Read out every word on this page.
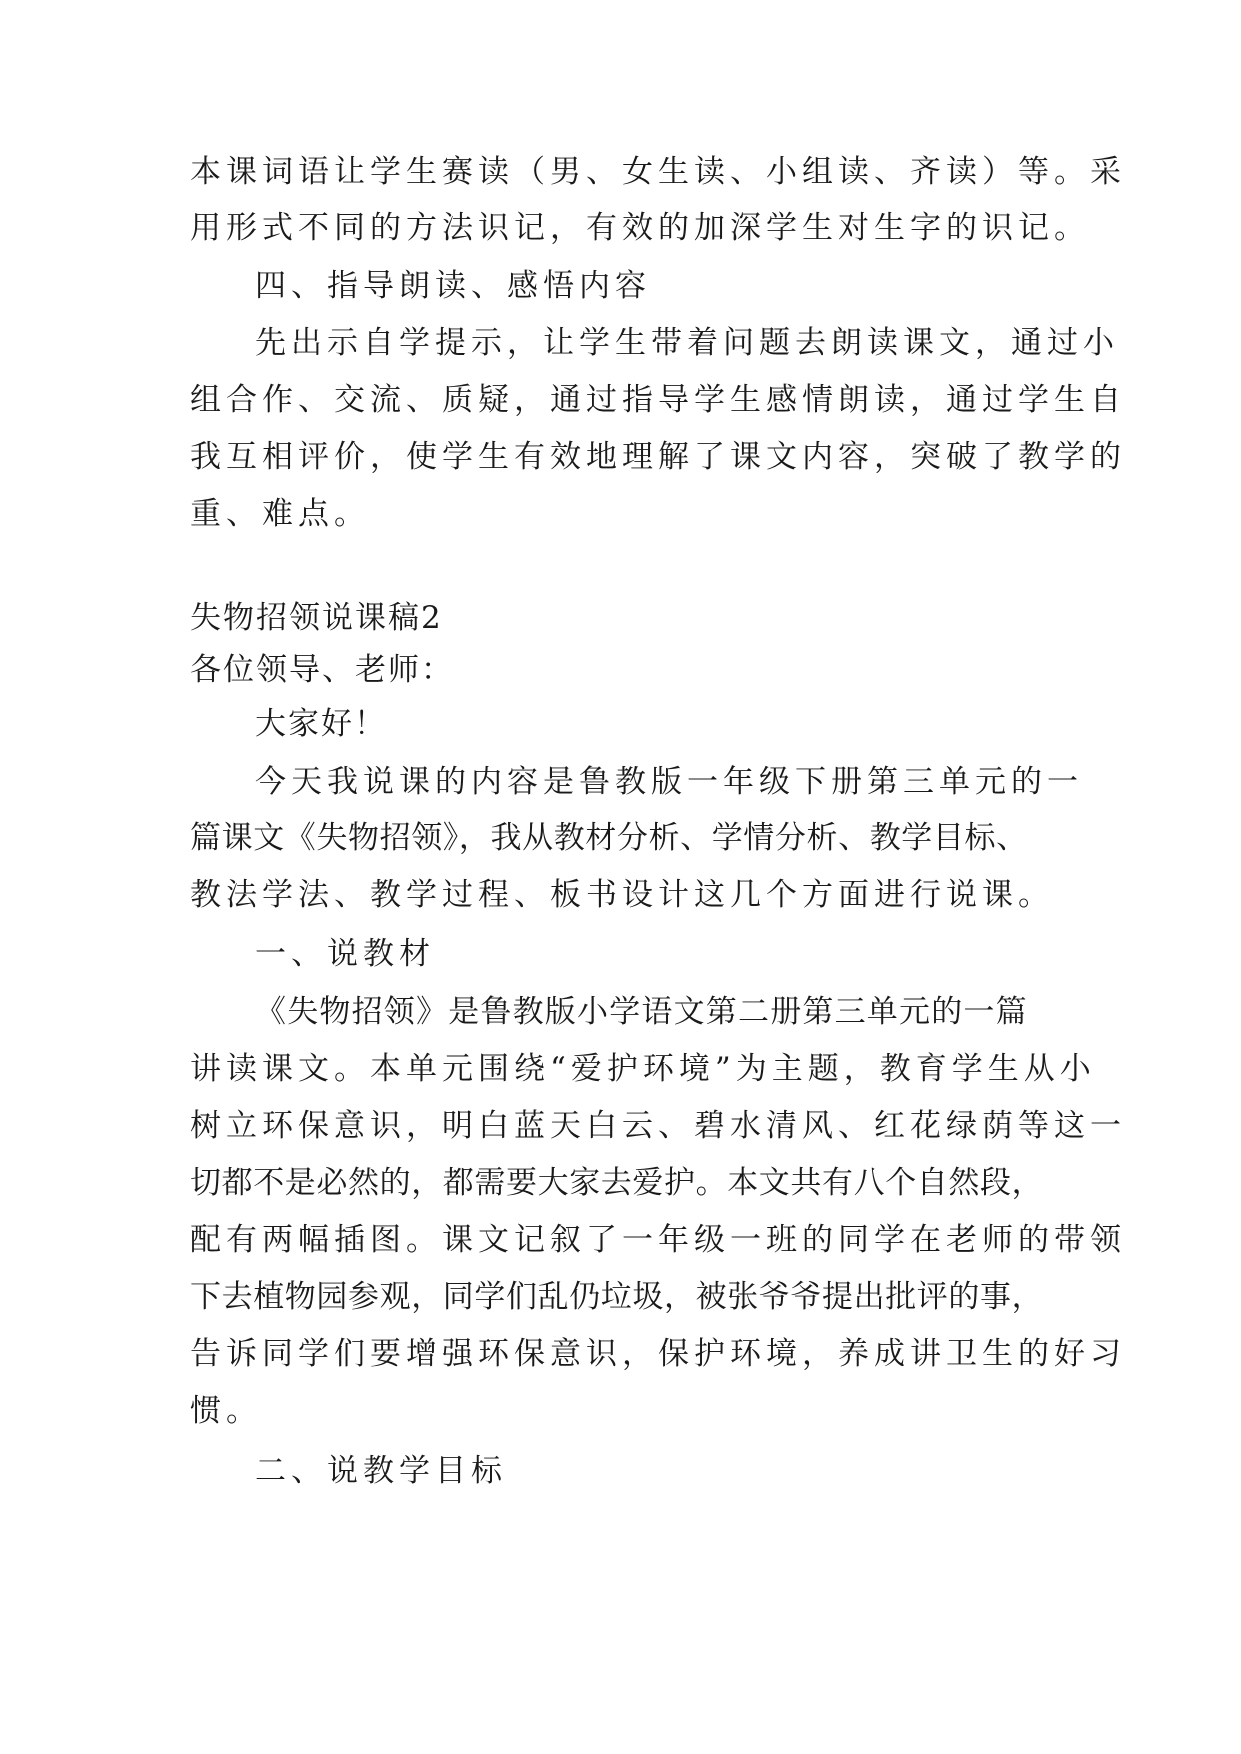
本课词语让学生赛读（男、女生读、小组读、齐读）等。采

用形式不同的方法识记，有效的加深学生对生字的识记。

四、指导朗读、感悟内容

先出示自学提示，让学生带着问题去朗读课文，通过小

组合作、交流、质疑，通过指导学生感情朗读，通过学生自

我互相评价，使学生有效地理解了课文内容，突破了教学的

重、难点。

失物招领说课稿2

各位领导、老师：

大家好！

今天我说课的内容是鲁教版一年级下册第三单元的一

篇课文《失物招领》，我从教材分析、学情分析、教学目标、

教法学法、教学过程、板书设计这几个方面进行说课。

一、说教材

《失物招领》是鲁教版小学语文第二册第三单元的一篇

讲读课文。本单元围绕“爱护环境”为主题，教育学生从小

树立环保意识，明白蓝天白云、碧水清风、红花绿荫等这一

切都不是必然的，都需要大家去爱护。本文共有八个自然段，

配有两幅插图。课文记叙了一年级一班的同学在老师的带领

下去植物园参观，同学们乱仍垃圾，被张爷爷提出批评的事，

告诉同学们要增强环保意识，保护环境，养成讲卫生的好习

惯。

二、说教学目标
